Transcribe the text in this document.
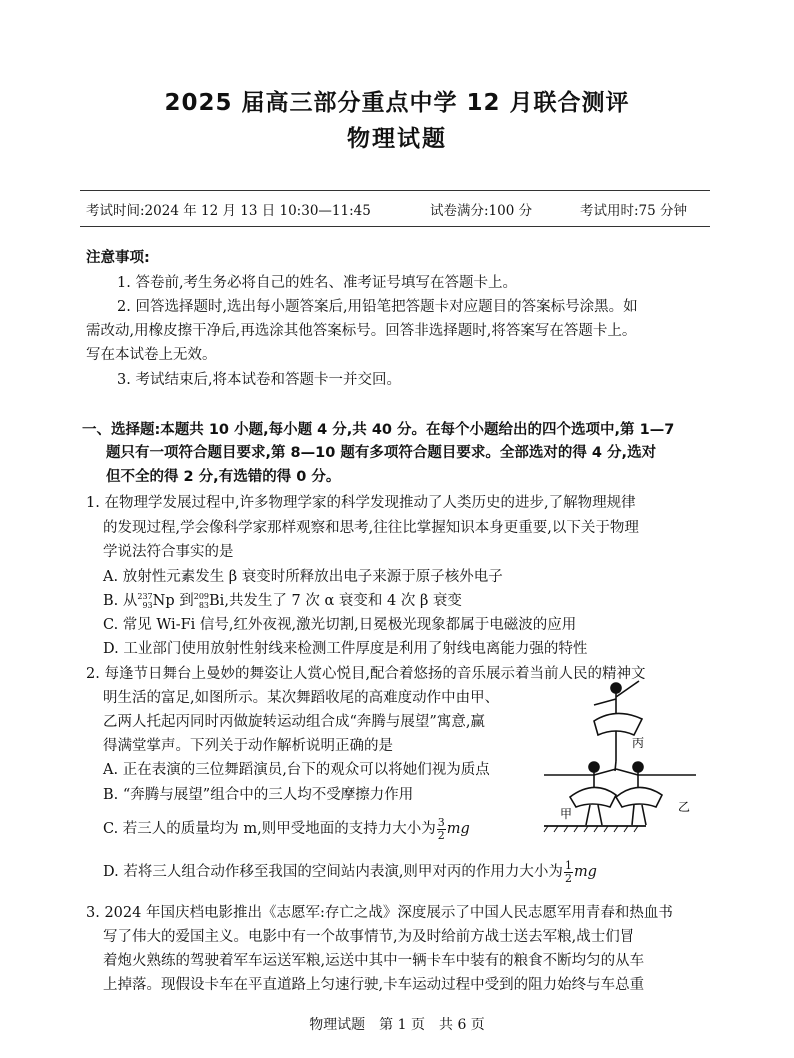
2025 届高三部分重点中学 12 月联合测评
物理试题
考试时间:2024 年 12 月 13 日 10:30—11:45	试卷满分:100 分	考试用时:75 分钟
注意事项:
1. 答卷前,考生务必将自己的姓名、准考证号填写在答题卡上。
2. 回答选择题时,选出每小题答案后,用铅笔把答题卡对应题目的答案标号涂黑。如
需改动,用橡皮擦干净后,再选涂其他答案标号。回答非选择题时,将答案写在答题卡上。
写在本试卷上无效。
3. 考试结束后,将本试卷和答题卡一并交回。
一、选择题:本题共 10 小题,每小题 4 分,共 40 分。在每个小题给出的四个选项中,第 1—7
题只有一项符合题目要求,第 8—10 题有多项符合题目要求。全部选对的得 4 分,选对
但不全的得 2 分,有选错的得 0 分。
1. 在物理学发展过程中,许多物理学家的科学发现推动了人类历史的进步,了解物理规律
的发现过程,学会像科学家那样观察和思考,往往比掌握知识本身更重要,以下关于物理
学说法符合事实的是
A. 放射性元素发生 β 衰变时所释放出电子来源于原子核外电子
B. 从 237
93 Np 到 209
83 Bi,共发生了 7 次 α 衰变和 4 次 β 衰变
C. 常见 Wi-Fi 信号,红外夜视,激光切割,日冕极光现象都属于电磁波的应用
D. 工业部门使用放射性射线来检测工件厚度是利用了射线电离能力强的特性
2. 每逢节日舞台上曼妙的舞姿让人赏心悦目,配合着悠扬的音乐展示着当前人民的精神文
明生活的富足,如图所示。某次舞蹈收尾的高难度动作中由甲、
乙两人托起丙同时丙做旋转运动组合成“奔腾与展望”寓意,赢
得满堂掌声。下列关于动作解析说明正确的是
A. 正在表演的三位舞蹈演员,台下的观众可以将她们视为质点
B. “奔腾与展望”组合中的三人均不受摩擦力作用
C. 若三人的质量均为 m,则甲受地面的支持力大小为 $\frac{3}{2}$ mg
D. 若将三人组合动作移至我国的空间站内表演,则甲对丙的作用力大小为 $\frac{1}{2}$ mg
丙
甲	乙
3. 2024 年国庆档电影推出《志愿军:存亡之战》深度展示了中国人民志愿军用青春和热血书
写了伟大的爱国主义。电影中有一个故事情节,为及时给前方战士送去军粮,战士们冒
着炮火熟练的驾驶着军车运送军粮,运送中其中一辆卡车中装有的粮食不断均匀的从车
上掉落。现假设卡车在平直道路上匀速行驶,卡车运动过程中受到的阻力始终与车总重
物理试题　第 1 页　共 6 页
